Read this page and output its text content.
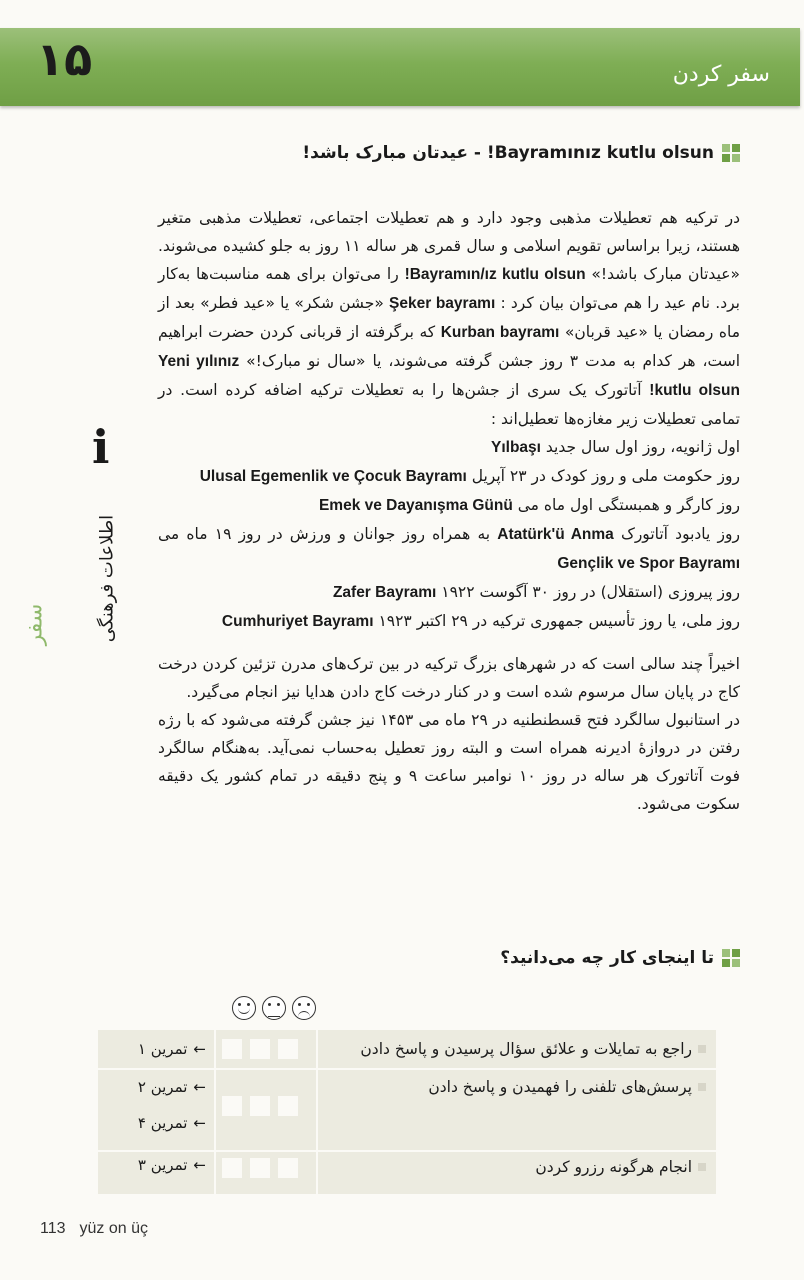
۱۵	سفر کردن
Bayramınız kutlu olsun! - عیدتان مبارک باشد!
i
اطلاعات فرهنگی
سفر

در ترکیه هم تعطیلات مذهبی وجود دارد و هم تعطیلات اجتماعی، تعطیلات مذهبی متغیر هستند، زیرا براساس تقویم اسلامی و سال قمری هر ساله ۱۱ روز به جلو کشیده می‌شوند. «عیدتان مبارک باشد!» Bayramın/ız kutlu olsun! را می‌توان برای همه مناسبت‌ها به‌کار برد. نام عید را هم می‌توان بیان کرد : Şeker bayramı «جشن شکر» یا «عید فطر» بعد از ماه رمضان یا «عید قربان» Kurban bayramı که برگرفته از قربانی کردن حضرت ابراهیم است، هر کدام به مدت ۳ روز جشن گرفته می‌شوند، یا «سال نو مبارک!» Yeni yılınız kutlu olsun! آتاتورک یک سری از جشن‌ها را به تعطیلات ترکیه اضافه کرده است. در تمامی تعطیلات زیر مغازه‌ها تعطیل‌اند :

اول ژانویه، روز اول سال جدید Yılbaşı

روز حکومت ملی و روز کودک در ۲۳ آپریل Ulusal Egemenlik ve Çocuk Bayramı

روز کارگر و همبستگی اول ماه می Emek ve Dayanışma Günü

روز یادبود آتاتورک Atatürk'ü Anma به همراه روز جوانان و ورزش در روز ۱۹ ماه می Gençlik ve Spor Bayramı

روز پیروزی (استقلال) در روز ۳۰ آگوست ۱۹۲۲ Zafer Bayramı

روز ملی، یا روز تأسیس جمهوری ترکیه در ۲۹ اکتبر ۱۹۲۳ Cumhuriyet Bayramı

اخیراً چند سالی است که در شهرهای بزرگ ترکیه در بین ترک‌های مدرن تزئین کردن درخت کاج در پایان سال مرسوم شده است و در کنار درخت کاج دادن هدایا نیز انجام می‌گیرد.

در استانبول سالگرد فتح قسطنطنیه در ۲۹ ماه می ۱۴۵۳ نیز جشن گرفته می‌شود که با رژه رفتن در دروازهٔ ادیرنه همراه است و البته روز تعطیل به‌حساب نمی‌آید. به‌هنگام سالگرد فوت آتاتورک هر ساله در روز ۱۰ نوامبر ساعت ۹ و پنج دقیقه در تمام کشور یک دقیقه سکوت می‌شود.

تا اینجای کار چه می‌دانید؟
راجع به تمایلات و علائق سؤال پرسیدن و پاسخ دادن
←
تمرین ۱
پرسش‌های تلفنی را فهمیدن و پاسخ دادن
←
تمرین ۲
←
تمرین ۴
انجام هرگونه رزرو کردن
←
تمرین ۳
113 yüz on üç
